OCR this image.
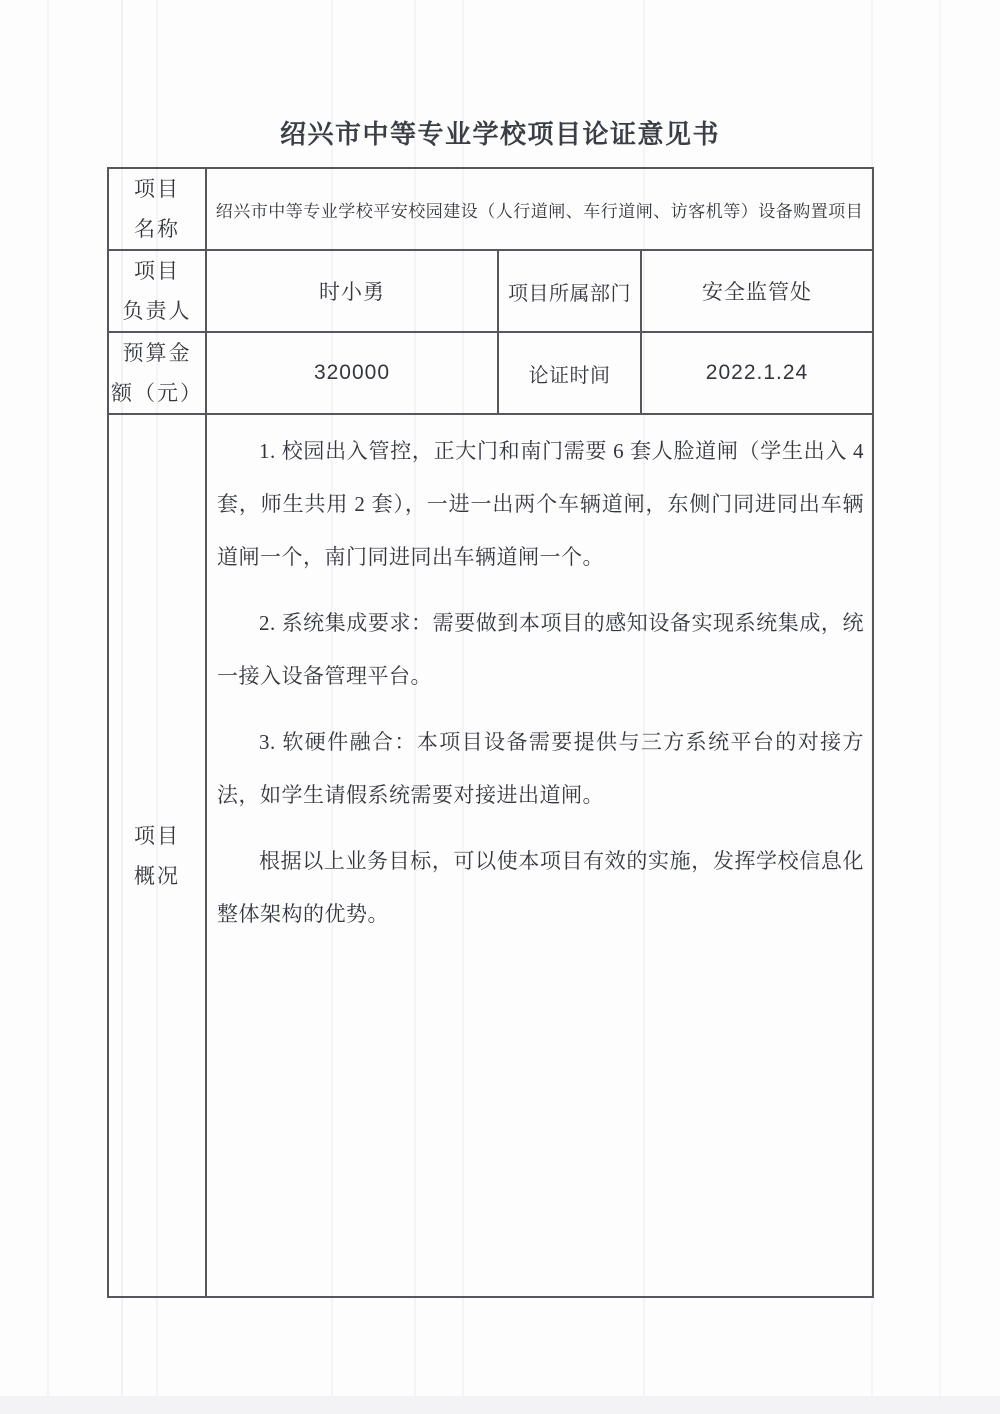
绍兴市中等专业学校项目论证意见书
项目
名称	绍兴市中等专业学校平安校园建设（人行道闸、车行道闸、访客机等）设备购置项目		

项目
负责人	时小勇	项目所属部门	安全监管处

预算金
额（元）	320000	论证时间	2022.1.24

项目
概况

1. 校园出入管控，正大门和南门需要 6 套人脸道闸（学生出入 4 套，师生共用 2 套），一进一出两个车辆道闸，东侧门同进同出车辆道闸一个，南门同进同出车辆道闸一个。

2. 系统集成要求：需要做到本项目的感知设备实现系统集成，统一接入设备管理平台。

3. 软硬件融合：本项目设备需要提供与三方系统平台的对接方法，如学生请假系统需要对接进出道闸。

根据以上业务目标，可以使本项目有效的实施，发挥学校信息化整体架构的优势。
